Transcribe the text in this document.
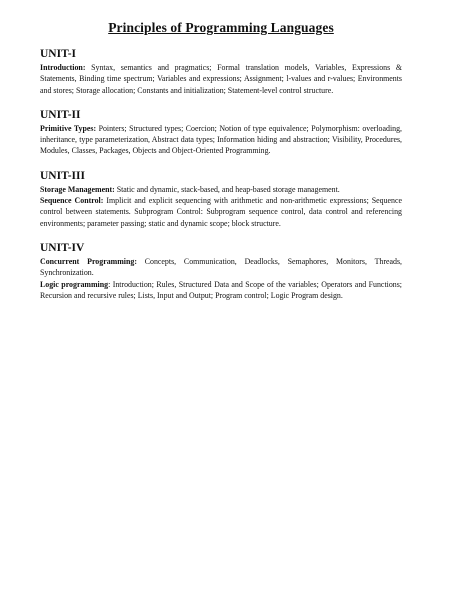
Principles of Programming Languages
UNIT-I

Introduction: Syntax, semantics and pragmatics; Formal translation models, Variables, Expressions & Statements, Binding time spectrum; Variables and expressions; Assignment; l-values and r-values; Environments and stores; Storage allocation; Constants and initialization; Statement-level control structure.

UNIT-II

Primitive Types: Pointers; Structured types; Coercion; Notion of type equivalence; Polymorphism: overloading, inheritance, type parameterization, Abstract data types; Information hiding and abstraction; Visibility, Procedures, Modules, Classes, Packages, Objects and Object-Oriented Programming.

UNIT-III

Storage Management: Static and dynamic, stack-based, and heap-based storage management.

Sequence Control: Implicit and explicit sequencing with arithmetic and non-arithmetic expressions; Sequence control between statements. Subprogram Control: Subprogram sequence control, data control and referencing environments; parameter passing; static and dynamic scope; block structure.

UNIT-IV

Concurrent Programming: Concepts, Communication, Deadlocks, Semaphores, Monitors, Threads, Synchronization.

Logic programming: Introduction; Rules, Structured Data and Scope of the variables; Operators and Functions; Recursion and recursive rules; Lists, Input and Output; Program control; Logic Program design.
